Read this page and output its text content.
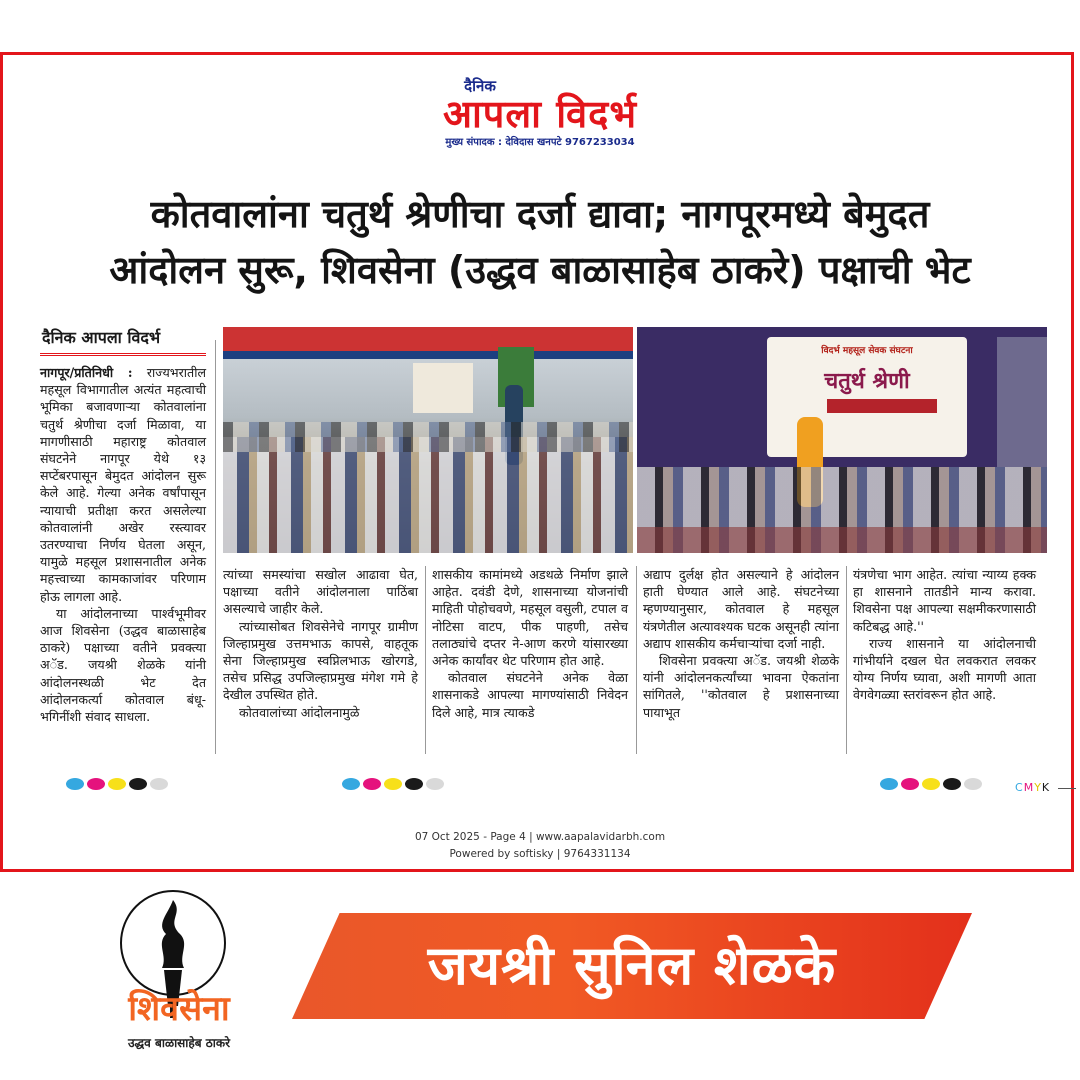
दैनिक
आपला विदर्भ
मुख्य संपादक : देविदास खनपटे 9767233034
कोतवालांना चतुर्थ श्रेणीचा दर्जा द्यावा; नागपूरमध्ये बेमुदत
आंदोलन सुरू, शिवसेना (उद्धव बाळासाहेब ठाकरे) पक्षाची भेट
दैनिक आपला विदर्भ
विदर्भ महसूल सेवक संघटना
चतुर्थ श्रेणी

नागपूर/प्रतिनिधी : राज्यभरातील महसूल विभागातील अत्यंत महत्वाची भूमिका बजावणाऱ्या कोतवालांना चतुर्थ श्रेणीचा दर्जा मिळावा, या मागणीसाठी महाराष्ट्र कोतवाल संघटनेने नागपूर येथे १३ सप्टेंबरपासून बेमुदत आंदोलन सुरू केले आहे. गेल्या अनेक वर्षांपासून न्यायाची प्रतीक्षा करत असलेल्या कोतवालांनी अखेर रस्त्यावर उतरण्याचा निर्णय घेतला असून, यामुळे महसूल प्रशासनातील अनेक महत्त्वाच्या कामकाजांवर परिणाम होऊ लागला आहे.

या आंदोलनाच्या पार्श्वभूमीवर आज शिवसेना (उद्धव बाळासाहेब ठाकरे) पक्षाच्या वतीने प्रवक्त्या अॅड. जयश्री शेळके यांनी आंदोलनस्थळी भेट देत आंदोलनकर्त्या कोतवाल बंधू-भगिनींशी संवाद साधला.

त्यांच्या समस्यांचा सखोल आढावा घेत, पक्षाच्या वतीने आंदोलनाला पाठिंबा असल्याचे जाहीर केले.

त्यांच्यासोबत शिवसेनेचे नागपूर ग्रामीण जिल्हाप्रमुख उत्तमभाऊ कापसे, वाहतूक सेना जिल्हाप्रमुख स्वप्निलभाऊ खोरगडे, तसेच प्रसिद्ध उपजिल्हाप्रमुख मंगेश गमे हे देखील उपस्थित होते.

कोतवालांच्या आंदोलनामुळे

शासकीय कामांमध्ये अडथळे निर्माण झाले आहेत. दवंडी देणे, शासनाच्या योजनांची माहिती पोहोचवणे, महसूल वसुली, टपाल व नोटिसा वाटप, पीक पाहणी, तसेच तलाठ्यांचे दप्तर ने-आण करणे यांसारख्या अनेक कार्यांवर थेट परिणाम होत आहे.

कोतवाल संघटनेने अनेक वेळा शासनाकडे आपल्या मागण्यांसाठी निवेदन दिले आहे, मात्र त्याकडे

अद्याप दुर्लक्ष होत असल्याने हे आंदोलन हाती घेण्यात आले आहे. संघटनेच्या म्हणण्यानुसार, कोतवाल हे महसूल यंत्रणेतील अत्यावश्यक घटक असूनही त्यांना अद्याप शासकीय कर्मचाऱ्यांचा दर्जा नाही.

शिवसेना प्रवक्त्या अॅड. जयश्री शेळके यांनी आंदोलनकर्त्यांच्या भावना ऐकतांना सांगितले, ''कोतवाल हे प्रशासनाच्या पायाभूत

यंत्रणेचा भाग आहेत. त्यांचा न्याय्य हक्क हा शासनाने तातडीने मान्य करावा. शिवसेना पक्ष आपल्या सक्षमीकरणासाठी कटिबद्ध आहे.''

राज्य शासनाने या आंदोलनाची गांभीर्याने दखल घेत लवकरात लवकर योग्य निर्णय घ्यावा, अशी मागणी आता वेगवेगळ्या स्तरांवरून होत आहे.

CMYK
07 Oct 2025 - Page 4 | www.aapalavidarbh.com
Powered by softisky | 9764331134
शिवसेना
उद्धव बाळासाहेब ठाकरे
जयश्री सुनिल शेळके
